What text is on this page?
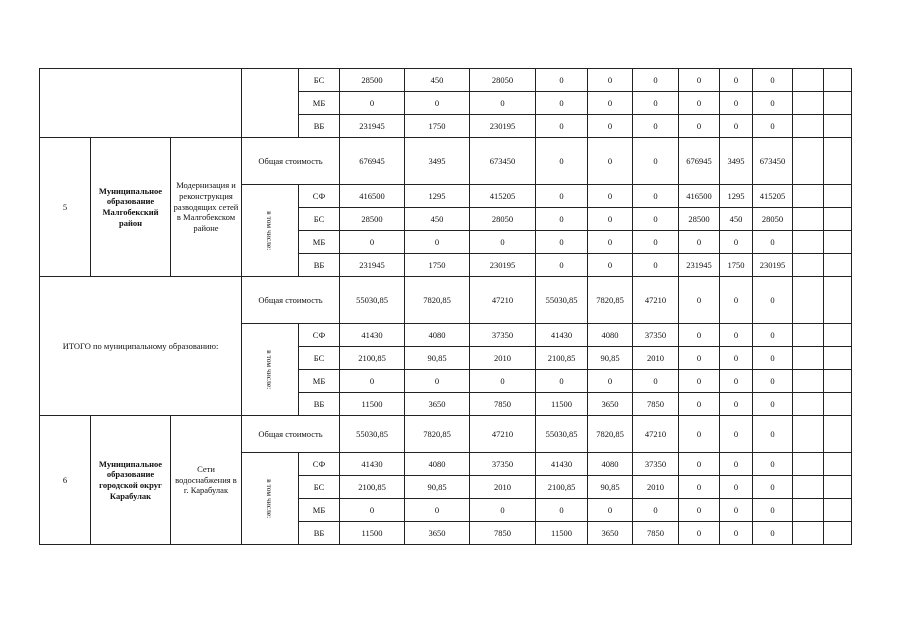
				БС	28500	450	28050	0	0	0	0	0	0		
				МБ	0	0	0	0	0	0	0	0	0		
				ВБ	231945	1750	230195	0	0	0	0	0	0		
5	Муниципальное образование Малгобекский район	Модернизация и реконструкция разводящих сетей в Малгобекском районе	Общая стоимость		676945	3495	673450	0	0	0	676945	3495	673450		
			в том числе:	СФ	416500	1295	415205	0	0	0	416500	1295	415205		
				БС	28500	450	28050	0	0	0	28500	450	28050		
				МБ	0	0	0	0	0	0	0	0	0		
				ВБ	231945	1750	230195	0	0	0	231945	1750	230195		
ИТОГО по муниципальному образованию:			Общая стоимость		55030,85	7820,85	47210	55030,85	7820,85	47210	0	0	0		
			в том числе:	СФ	41430	4080	37350	41430	4080	37350	0	0	0		
				БС	2100,85	90,85	2010	2100,85	90,85	2010	0	0	0		
				МБ	0	0	0	0	0	0	0	0	0		
				ВБ	11500	3650	7850	11500	3650	7850	0	0	0		
6	Муниципальное образование городской округ Карабулак	Сети водоснабжения в г. Карабулак	Общая стоимость		55030,85	7820,85	47210	55030,85	7820,85	47210	0	0	0		
			в том числе:	СФ	41430	4080	37350	41430	4080	37350	0	0	0		
				БС	2100,85	90,85	2010	2100,85	90,85	2010	0	0	0		
				МБ	0	0	0	0	0	0	0	0	0		
				ВБ	11500	3650	7850	11500	3650	7850	0	0	0		
